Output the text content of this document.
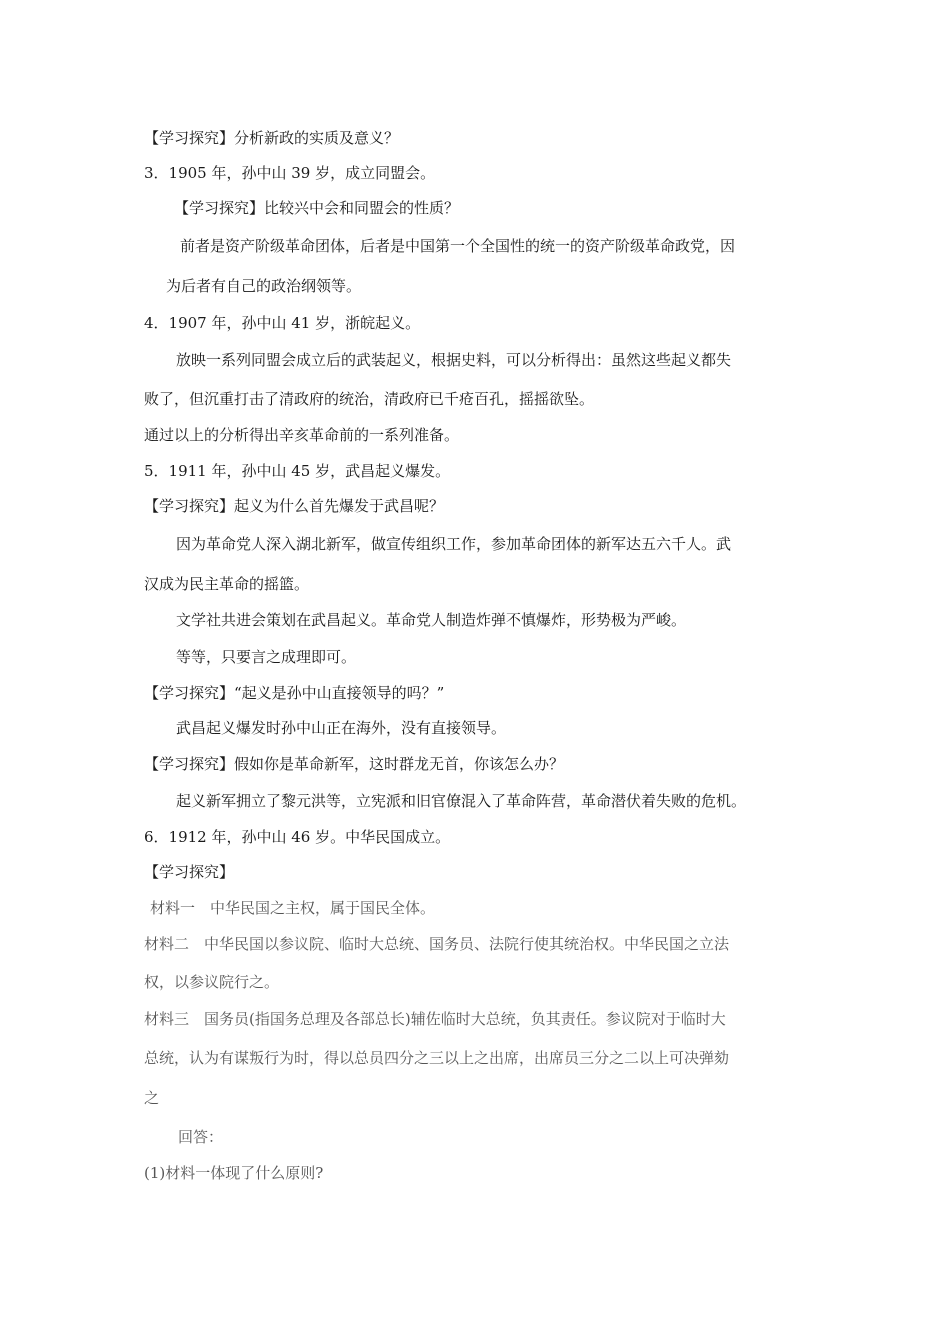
【学习探究】分析新政的实质及意义？
3．1905 年，孙中山 39 岁，成立同盟会。
【学习探究】比较兴中会和同盟会的性质？
前者是资产阶级革命团体，后者是中国第一个全国性的统一的资产阶级革命政党，因
为后者有自己的政治纲领等。
4．1907 年，孙中山 41 岁，浙皖起义。
放映一系列同盟会成立后的武装起义，根据史料，可以分析得出：虽然这些起义都失
败了，但沉重打击了清政府的统治，清政府已千疮百孔，摇摇欲坠。
通过以上的分析得出辛亥革命前的一系列准备。
5．1911 年，孙中山 45 岁，武昌起义爆发。
【学习探究】起义为什么首先爆发于武昌呢？
因为革命党人深入湖北新军，做宣传组织工作，参加革命团体的新军达五六千人。武
汉成为民主革命的摇篮。
文学社共进会策划在武昌起义。革命党人制造炸弹不慎爆炸，形势极为严峻。
等等，只要言之成理即可。
【学习探究】“起义是孙中山直接领导的吗？”
武昌起义爆发时孙中山正在海外，没有直接领导。
【学习探究】假如你是革命新军，这时群龙无首，你该怎么办？
起义新军拥立了黎元洪等，立宪派和旧官僚混入了革命阵营，革命潜伏着失败的危机。
6．1912 年，孙中山 46 岁。中华民国成立。
【学习探究】
材料一　中华民国之主权，属于国民全体。
材料二　中华民国以参议院、临时大总统、国务员、法院行使其统治权。中华民国之立法
权，以参议院行之。
材料三　国务员(指国务总理及各部总长)辅佐临时大总统，负其责任。参议院对于临时大
总统，认为有谋叛行为时，得以总员四分之三以上之出席，出席员三分之二以上可决弹劾
之
回答：
(1)材料一体现了什么原则?
